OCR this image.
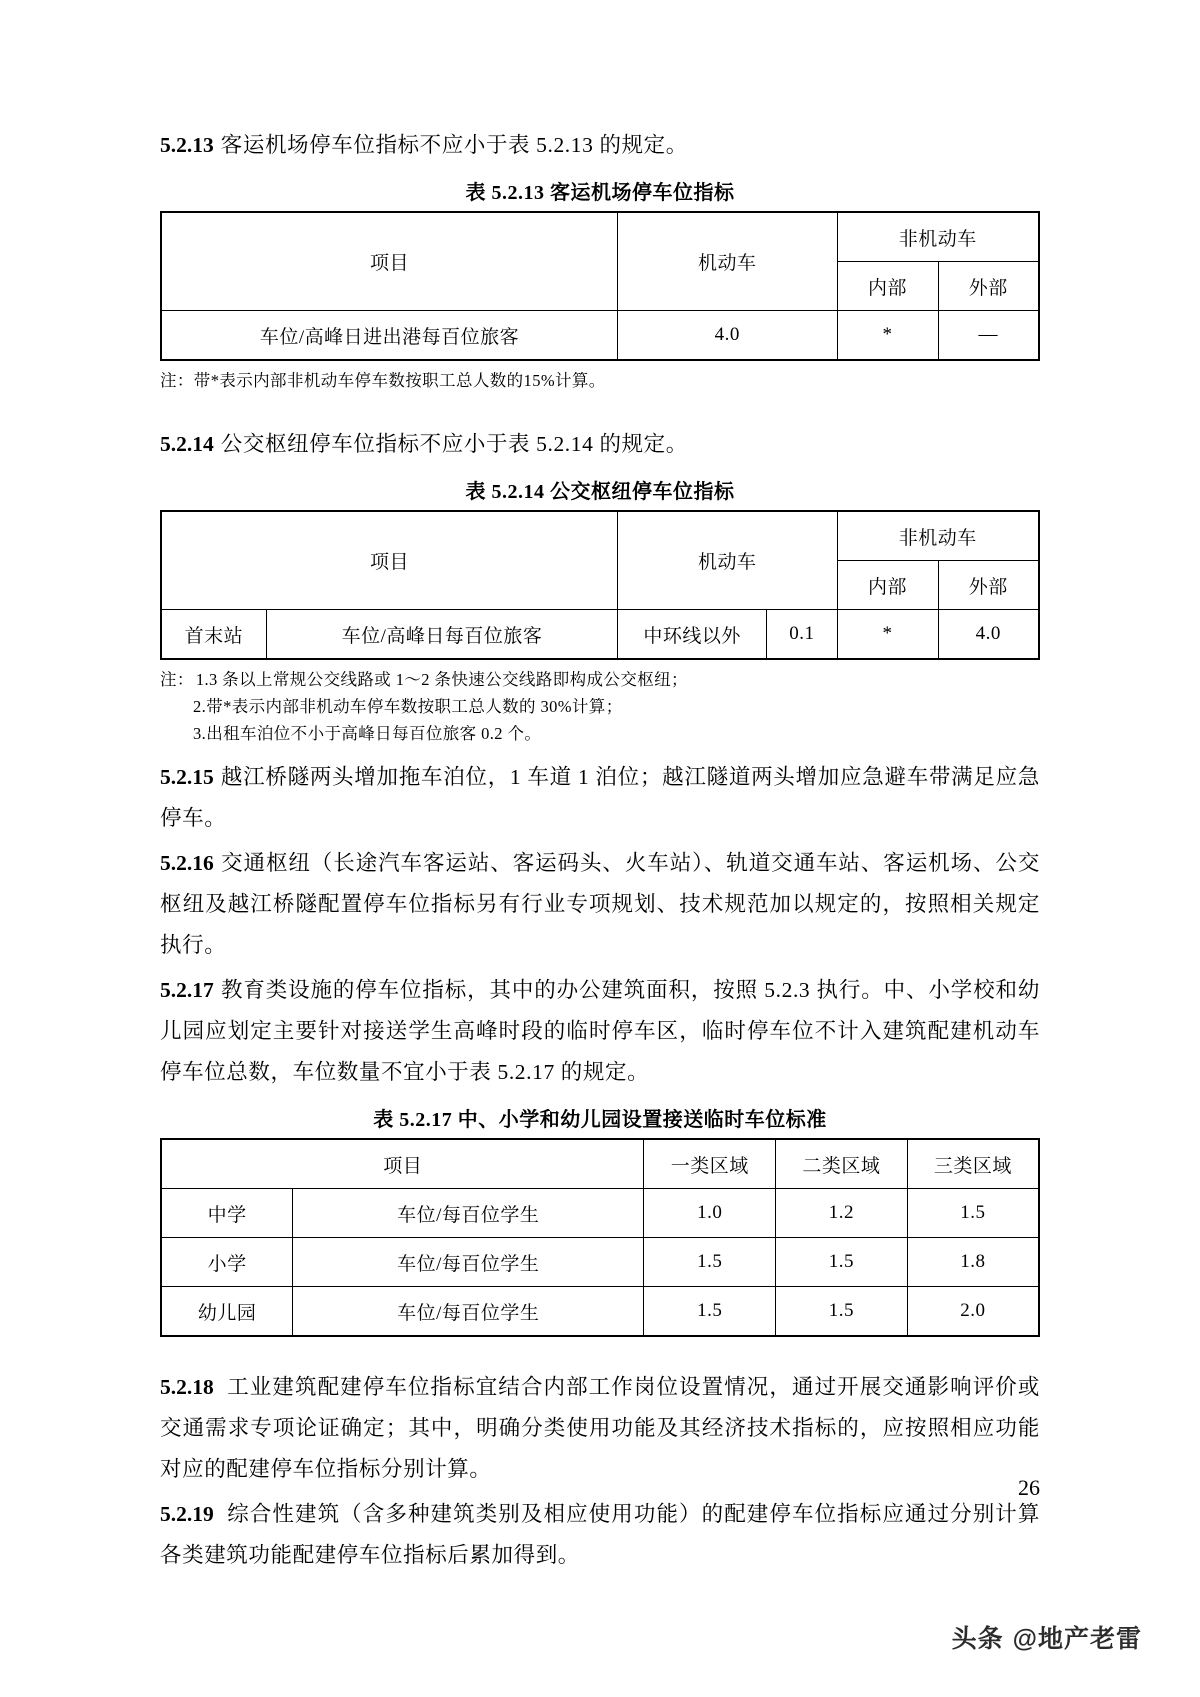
5.2.13 客运机场停车位指标不应小于表 5.2.13 的规定。

表 5.2.13 客运机场停车位指标
项目	机动车	非机动车	
		内部	外部
车位/高峰日进出港每百位旅客	4.0	*	—

注：带*表示内部非机动车停车数按职工总人数的15%计算。

5.2.14 公交枢纽停车位指标不应小于表 5.2.14 的规定。

表 5.2.14 公交枢纽停车位指标
项目		机动车		非机动车	
				内部	外部
首末站	车位/高峰日每百位旅客	中环线以外	0.1	*	4.0
注： 1.3 条以上常规公交线路或 1～2 条快速公交线路即构成公交枢纽；
2.带*表示内部非机动车停车数按职工总人数的 30%计算；
3.出租车泊位不小于高峰日每百位旅客 0.2 个。

5.2.15 越江桥隧两头增加拖车泊位，1 车道 1 泊位；越江隧道两头增加应急避车带满足应急停车。

5.2.16 交通枢纽（长途汽车客运站、客运码头、火车站）、轨道交通车站、客运机场、公交枢纽及越江桥隧配置停车位指标另有行业专项规划、技术规范加以规定的，按照相关规定执行。

5.2.17 教育类设施的停车位指标，其中的办公建筑面积，按照 5.2.3 执行。中、小学校和幼儿园应划定主要针对接送学生高峰时段的临时停车区，临时停车位不计入建筑配建机动车停车位总数，车位数量不宜小于表 5.2.17 的规定。

表 5.2.17 中、小学和幼儿园设置接送临时车位标准
项目		一类区域	二类区域	三类区域
中学	车位/每百位学生	1.0	1.2	1.5
小学	车位/每百位学生	1.5	1.5	1.8
幼儿园	车位/每百位学生	1.5	1.5	2.0

5.2.18 工业建筑配建停车位指标宜结合内部工作岗位设置情况，通过开展交通影响评价或交通需求专项论证确定；其中，明确分类使用功能及其经济技术指标的，应按照相应功能对应的配建停车位指标分别计算。

5.2.19 综合性建筑（含多种建筑类别及相应使用功能）的配建停车位指标应通过分别计算各类建筑功能配建停车位指标后累加得到。

26
头条 @地产老雷
